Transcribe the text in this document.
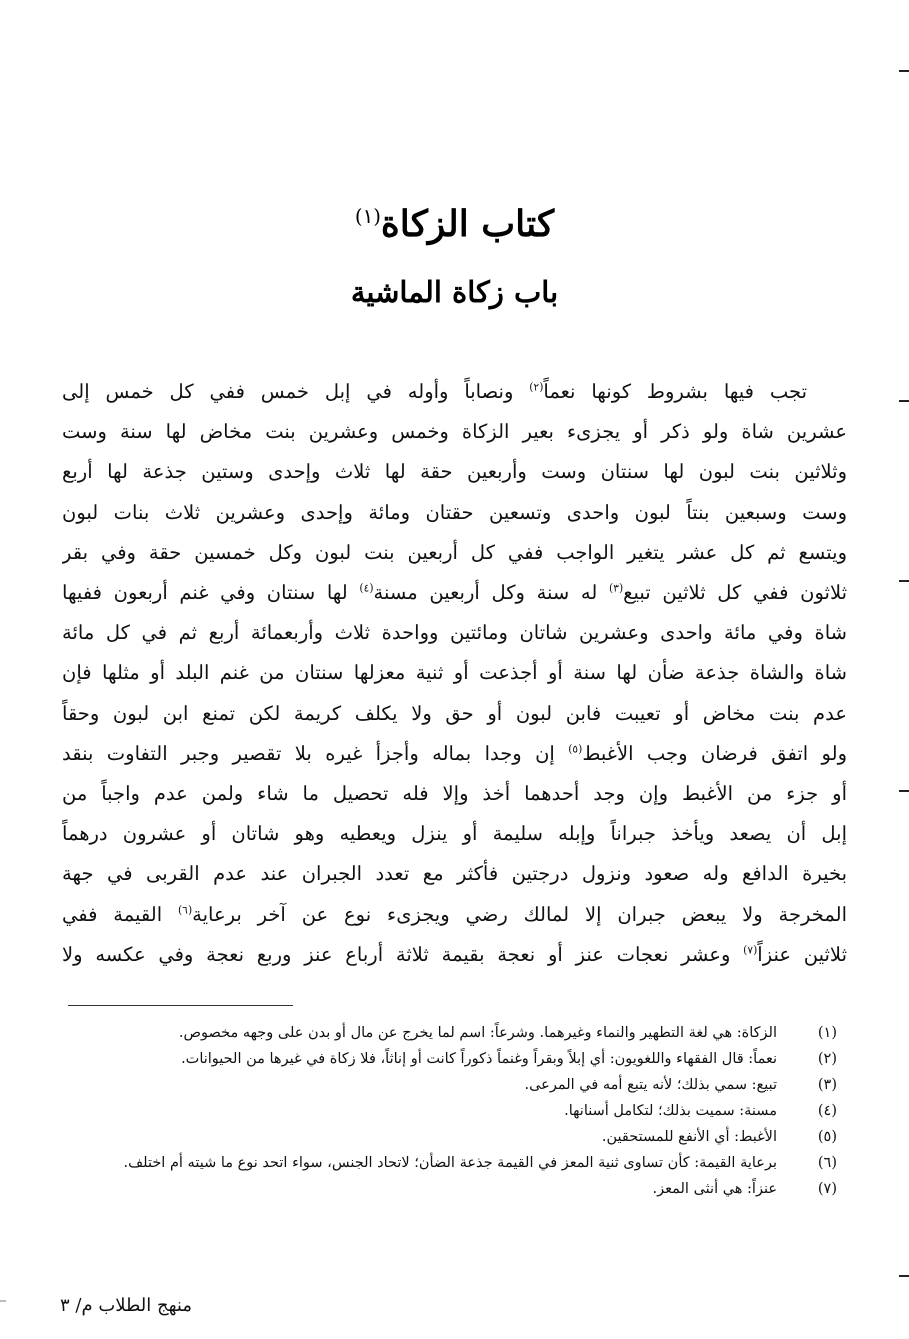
كتاب الزكاة$^{(١)}$
باب زكاة الماشية
تجب فيها بشروط كونها نعماً$^{(٢)}$ ونصاباً وأوله في إبل خمس ففي كل خمس إلى
عشرين شاة ولو ذكر أو يجزىء بعير الزكاة وخمس وعشرين بنت مخاض لها سنة وست
وثلاثين بنت لبون لها سنتان وست وأربعين حقة لها ثلاث وإحدى وستين جذعة لها أربع
وست وسبعين بنتاً لبون واحدى وتسعين حقتان ومائة وإحدى وعشرين ثلاث بنات لبون
ويتسع ثم كل عشر يتغير الواجب ففي كل أربعين بنت لبون وكل خمسين حقة وفي بقر
ثلاثون ففي كل ثلاثين تبيع$^{(٣)}$ له سنة وكل أربعين مسنة$^{(٤)}$ لها سنتان وفي غنم أربعون ففيها
شاة وفي مائة واحدى وعشرين شاتان ومائتين وواحدة ثلاث وأربعمائة أربع ثم في كل مائة
شاة والشاة جذعة ضأن لها سنة أو أجذعت أو ثنية معزلها سنتان من غنم البلد أو مثلها فإن
عدم بنت مخاض أو تعيبت فابن لبون أو حق ولا يكلف كريمة لكن تمنع ابن لبون وحقاً
ولو اتفق فرضان وجب الأغبط$^{(٥)}$ إن وجدا بماله وأجزأ غيره بلا تقصير وجبر التفاوت بنقد
أو جزء من الأغبط وإن وجد أحدهما أخذ وإلا فله تحصيل ما شاء ولمن عدم واجباً من
إبل أن يصعد ويأخذ جبراناً وإبله سليمة أو ينزل ويعطيه وهو شاتان أو عشرون درهماً
بخيرة الدافع وله صعود ونزول درجتين فأكثر مع تعدد الجبران عند عدم القربى في جهة
المخرجة ولا يبعض جبران إلا لمالك رضي ويجزىء نوع عن آخر برعاية$^{(٦)}$ القيمة ففي
ثلاثين عنزاً$^{(٧)}$ وعشر نعجات عنز أو نعجة بقيمة ثلاثة أرباع عنز وربع نعجة وفي عكسه ولا
(١)
الزكاة: هي لغة التطهير والنماء وغيرهما. وشرعاً: اسم لما يخرج عن مال أو بدن على وجهه مخصوص.
(٢)
نعماً: قال الفقهاء واللغويون: أي إبلاً وبقراً وغنماً ذكوراً كانت أو إناثاً، فلا زكاة في غيرها من الحيوانات.
(٣)
تبيع: سمي بذلك؛ لأنه يتبع أمه في المرعى.
(٤)
مسنة: سميت بذلك؛ لتكامل أسنانها.
(٥)
الأغبط: أي الأنفع للمستحقين.
(٦)
برعاية القيمة: كأن تساوى ثنية المعز في القيمة جذعة الضأن؛ لاتحاد الجنس، سواء اتحد نوع ما شيته أم اختلف.
(٧)
عنزاً: هي أنثى المعز.
منهج الطلاب م/ ٣
